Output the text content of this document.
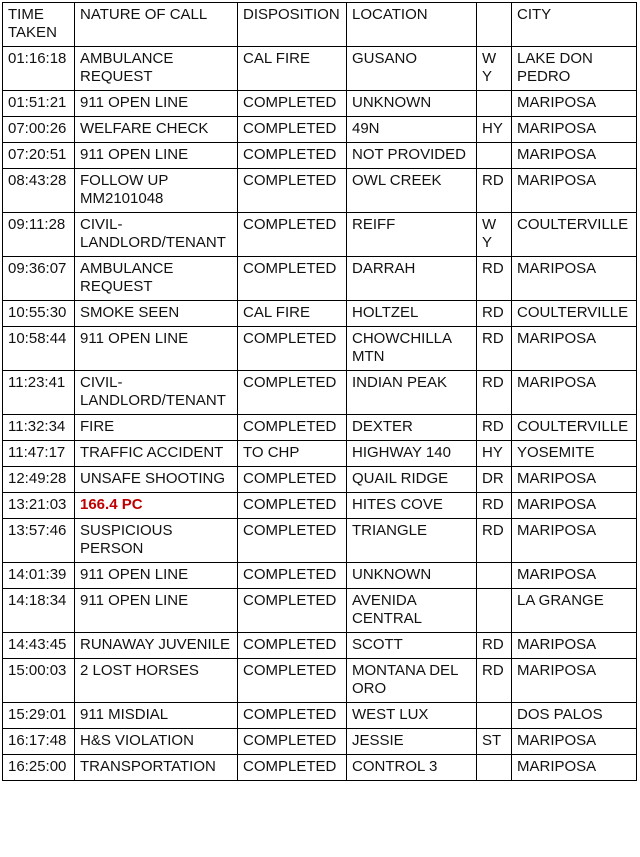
TIME TAKEN	NATURE OF CALL	DISPOSITION	LOCATION		CITY
01:16:18	AMBULANCE REQUEST	CAL FIRE	GUSANO	WY	LAKE DON PEDRO
01:51:21	911 OPEN LINE	COMPLETED	UNKNOWN		MARIPOSA
07:00:26	WELFARE CHECK	COMPLETED	49N	HY	MARIPOSA
07:20:51	911 OPEN LINE	COMPLETED	NOT PROVIDED		MARIPOSA
08:43:28	FOLLOW UP MM2101048	COMPLETED	OWL CREEK	RD	MARIPOSA
09:11:28	CIVIL-LANDLORD/TENANT	COMPLETED	REIFF	WY	COULTERVILLE
09:36:07	AMBULANCE REQUEST	COMPLETED	DARRAH	RD	MARIPOSA
10:55:30	SMOKE SEEN	CAL FIRE	HOLTZEL	RD	COULTERVILLE
10:58:44	911 OPEN LINE	COMPLETED	CHOWCHILLA MTN	RD	MARIPOSA
11:23:41	CIVIL-LANDLORD/TENANT	COMPLETED	INDIAN PEAK	RD	MARIPOSA
11:32:34	FIRE	COMPLETED	DEXTER	RD	COULTERVILLE
11:47:17	TRAFFIC ACCIDENT	TO CHP	HIGHWAY 140	HY	YOSEMITE
12:49:28	UNSAFE SHOOTING	COMPLETED	QUAIL RIDGE	DR	MARIPOSA
13:21:03	166.4 PC	COMPLETED	HITES COVE	RD	MARIPOSA
13:57:46	SUSPICIOUS PERSON	COMPLETED	TRIANGLE	RD	MARIPOSA
14:01:39	911 OPEN LINE	COMPLETED	UNKNOWN		MARIPOSA
14:18:34	911 OPEN LINE	COMPLETED	AVENIDA CENTRAL		LA GRANGE
14:43:45	RUNAWAY JUVENILE	COMPLETED	SCOTT	RD	MARIPOSA
15:00:03	2 LOST HORSES	COMPLETED	MONTANA DEL ORO	RD	MARIPOSA
15:29:01	911 MISDIAL	COMPLETED	WEST LUX		DOS PALOS
16:17:48	H&S VIOLATION	COMPLETED	JESSIE	ST	MARIPOSA
16:25:00	TRANSPORTATION	COMPLETED	CONTROL 3		MARIPOSA
